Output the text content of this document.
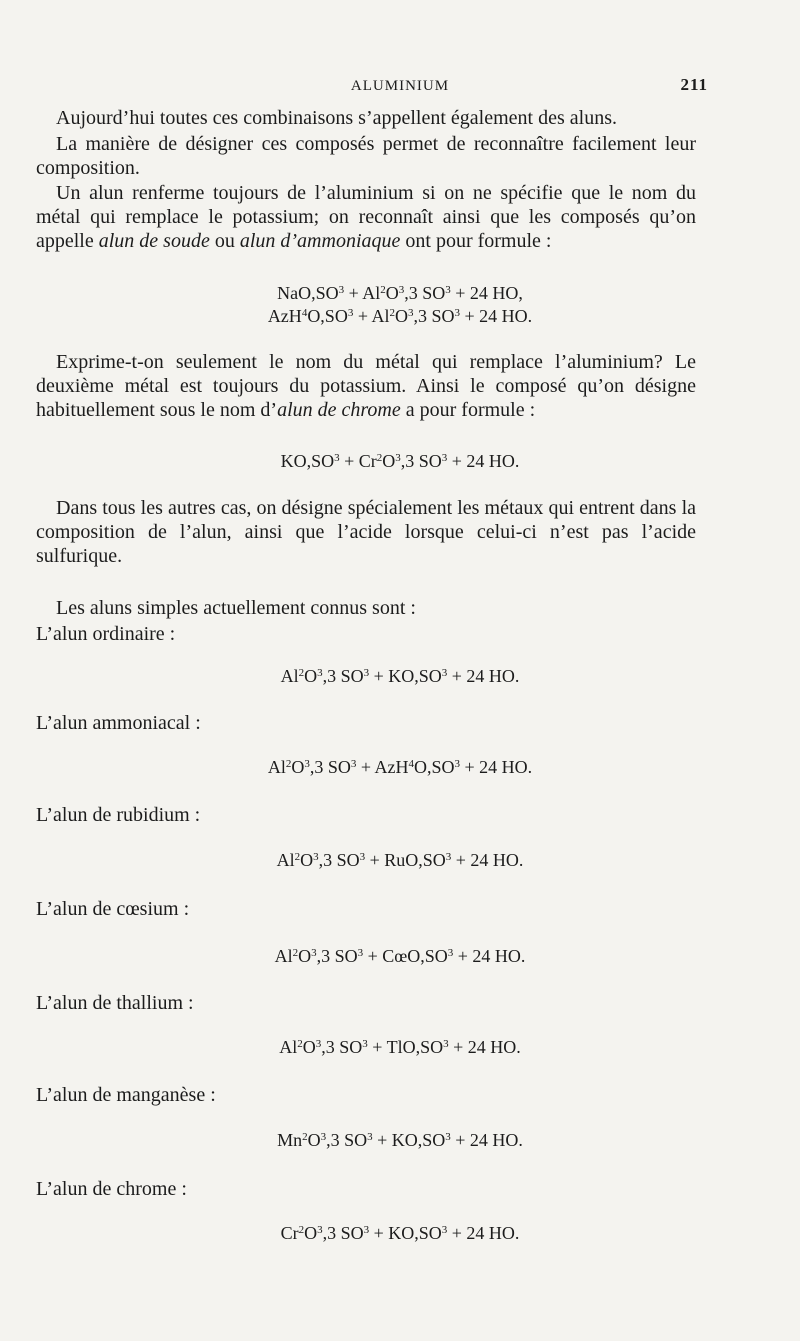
ALUMINIUM	211
Aujourd’hui toutes ces combinaisons s’appellent également des aluns.
La manière de désigner ces composés permet de reconnaître facilement leur composition.
Un alun renferme toujours de l’aluminium si on ne spécifie que le nom du métal qui remplace le potassium; on reconnaît ainsi que les composés qu’on appelle alun de soude ou alun d’ammoniaque ont pour formule :
$NaO,SO^3 + Al^2O^3,3$ $SO^3 + 24$ HO,
$AzH^4O,SO^3 + Al^2O^3,3$ $SO^3 + 24$ HO.
Exprime-t-on seulement le nom du métal qui remplace l’aluminium? Le deuxième métal est toujours du potassium. Ainsi le composé qu’on désigne habituellement sous le nom d’alun de chrome a pour formule :
$KO,SO^3 + Cr^2O^3,3$ $SO^3 + 24$ HO.
Dans tous les autres cas, on désigne spécialement les métaux qui entrent dans la composition de l’alun, ainsi que l’acide lorsque celui-ci n’est pas l’acide sulfurique.
Les aluns simples actuellement connus sont :
L’alun ordinaire :
$Al^2O^3,3$ $SO^3 + KO,SO^3 + 24$ HO.
L’alun ammoniacal :
$Al^2O^3,3$ $SO^3 + AzH^4O,SO^3 + 24$ HO.
L’alun de rubidium :
$Al^2O^3,3$ $SO^3 + RuO,SO^3 + 24$ HO.
L’alun de cœsium :
$Al^2O^3,3$ $SO^3$ + $CœO,SO^3 + 24$ HO.
L’alun de thallium :
$Al^2O^3,3$ $SO^3 + TlO,SO^3 + 24$ HO.
L’alun de manganèse :
$Mn^2O^3,3$ $SO^3 + KO,SO^3 + 24$ HO.
L’alun de chrome :
$Cr^2O^3,3$ $SO^3 + KO,SO^3 + 24$ HO.
